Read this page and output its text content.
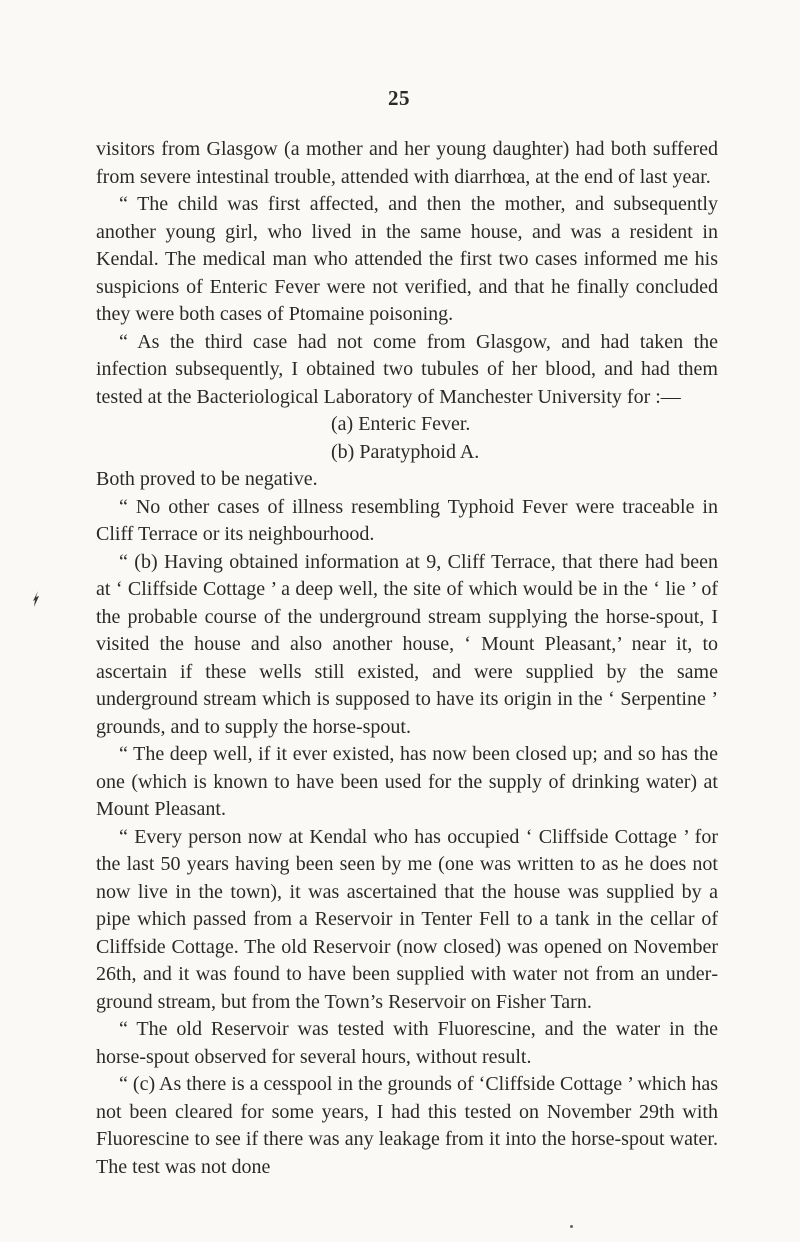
25

visitors from Glasgow (a mother and her young daughter) had both suffered from severe intestinal trouble, attended with diarrhœa, at the end of last year.

“ The child was first affected, and then the mother, and subsequently another young girl, who lived in the same house, and was a resident in Kendal. The medical man who attended the first two cases informed me his suspicions of Enteric Fever were not verified, and that he finally concluded they were both cases of Ptomaine poisoning.

“ As the third case had not come from Glasgow, and had taken the infection subsequently, I obtained two tubules of her blood, and had them tested at the Bacteriological Laboratory of Manchester University for :—

(a) Enteric Fever.

(b) Paratyphoid A.

Both proved to be negative.

“ No other cases of illness resembling Typhoid Fever were traceable in Cliff Terrace or its neighbourhood.

“ (b) Having obtained information at 9, Cliff Terrace, that there had been at ‘ Cliffside Cottage ’ a deep well, the site of which would be in the ‘ lie ’ of the probable course of the underground stream supplying the horse-spout, I visited the house and also another house, ‘ Mount Pleasant,’ near it, to ascertain if these wells still existed, and were supplied by the same underground stream which is supposed to have its origin in the ‘ Serpentine ’ grounds, and to supply the horse-spout.

“ The deep well, if it ever existed, has now been closed up; and so has the one (which is known to have been used for the supply of drinking water) at Mount Pleasant.

“ Every person now at Kendal who has occupied ‘ Cliffside Cottage ’ for the last 50 years having been seen by me (one was written to as he does not now live in the town), it was ascertained that the house was supplied by a pipe which passed from a Reservoir in Tenter Fell to a tank in the cellar of Cliffside Cottage. The old Reservoir (now closed) was opened on November 26th, and it was found to have been supplied with water not from an underground stream, but from the Town’s Reservoir on Fisher Tarn.

“ The old Reservoir was tested with Fluorescine, and the water in the horse-spout observed for several hours, without result.

“ (c) As there is a cesspool in the grounds of ‘Cliffside Cottage ’ which has not been cleared for some years, I had this tested on November 29th with Fluorescine to see if there was any leakage from it into the horse-spout water. The test was not done
